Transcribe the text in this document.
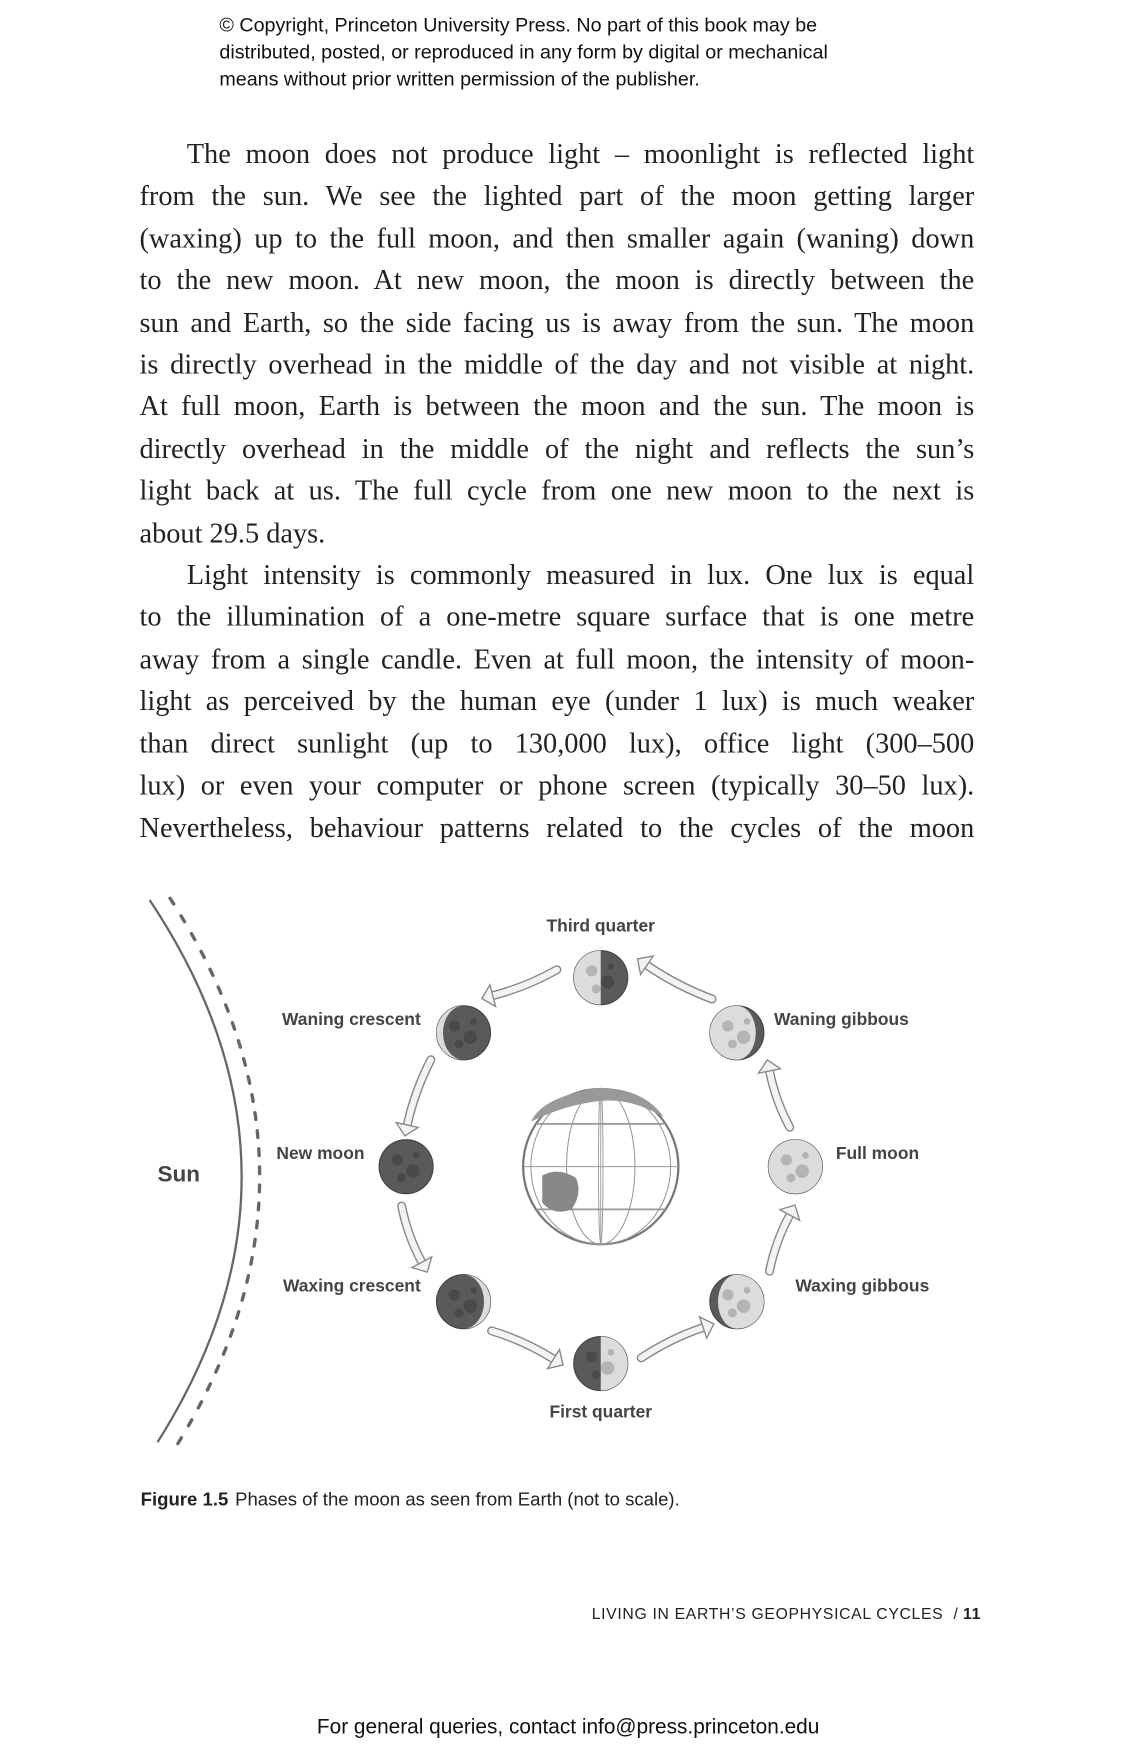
© Copyright, Princeton University Press. No part of this book may be
distributed, posted, or reproduced in any form by digital or mechanical
means without prior written permission of the publisher.
The moon does not produce light – moonlight is reflected light
from the sun. We see the lighted part of the moon getting larger
(waxing) up to the full moon, and then smaller again (waning) down
to the new moon. At new moon, the moon is directly between the
sun and Earth, so the side facing us is away from the sun. The moon
is directly overhead in the middle of the day and not visible at night.
At full moon, Earth is between the moon and the sun. The moon is
directly overhead in the middle of the night and reflects the sun’s
light back at us. The full cycle from one new moon to the next is
about 29.5 days.
Light intensity is commonly measured in lux. One lux is equal
to the illumination of a one-metre square surface that is one metre
away from a single candle. Even at full moon, the intensity of moon-
light as perceived by the human eye (under 1 lux) is much weaker
than direct sunlight (up to 130,000 lux), office light (300–500
lux) or even your computer or phone screen (typically 30–50 lux).
Nevertheless, behaviour patterns related to the cycles of the moon
Sun
Third quarter
Waning gibbous
Full moon
Waxing gibbous
First quarter
Waxing crescent
New moon
Waning crescent
Figure 1.5 Phases of the moon as seen from Earth (not to scale).
LIVING IN EARTH’S GEOPHYSICAL CYCLES  / 11
For general queries, contact info@press.princeton.edu
